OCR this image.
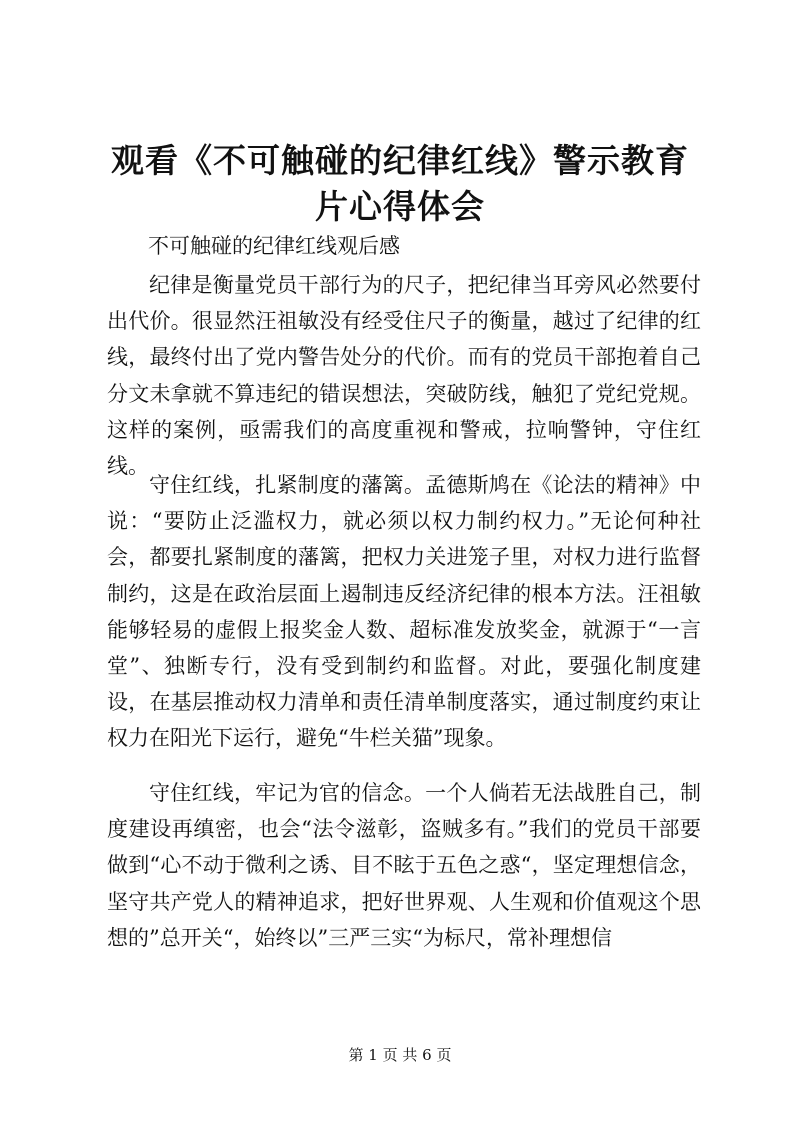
观看《不可触碰的纪律红线》警示教育片心得体会

不可触碰的纪律红线观后感

纪律是衡量党员干部行为的尺子，把纪律当耳旁风必然要付出代价。很显然汪祖敏没有经受住尺子的衡量，越过了纪律的红线，最终付出了党内警告处分的代价。而有的党员干部抱着自己分文未拿就不算违纪的错误想法，突破防线，触犯了党纪党规。这样的案例，亟需我们的高度重视和警戒，拉响警钟，守住红线。

守住红线，扎紧制度的藩篱。孟德斯鸠在《论法的精神》中说：“要防止泛滥权力，就必须以权力制约权力。”无论何种社会，都要扎紧制度的藩篱，把权力关进笼子里，对权力进行监督制约，这是在政治层面上遏制违反经济纪律的根本方法。汪祖敏能够轻易的虚假上报奖金人数、超标准发放奖金，就源于“一言堂”、独断专行，没有受到制约和监督。对此，要强化制度建设，在基层推动权力清单和责任清单制度落实，通过制度约束让权力在阳光下运行，避免“牛栏关猫”现象。

守住红线，牢记为官的信念。一个人倘若无法战胜自己，制度建设再缜密，也会“法令滋彰，盗贼多有。”我们的党员干部要做到“心不动于微利之诱、目不眩于五色之惑“，坚定理想信念，坚守共产党人的精神追求，把好世界观、人生观和价值观这个思想的”总开关“，始终以”三严三实“为标尺，常补理想信

第 1 页 共 6 页
